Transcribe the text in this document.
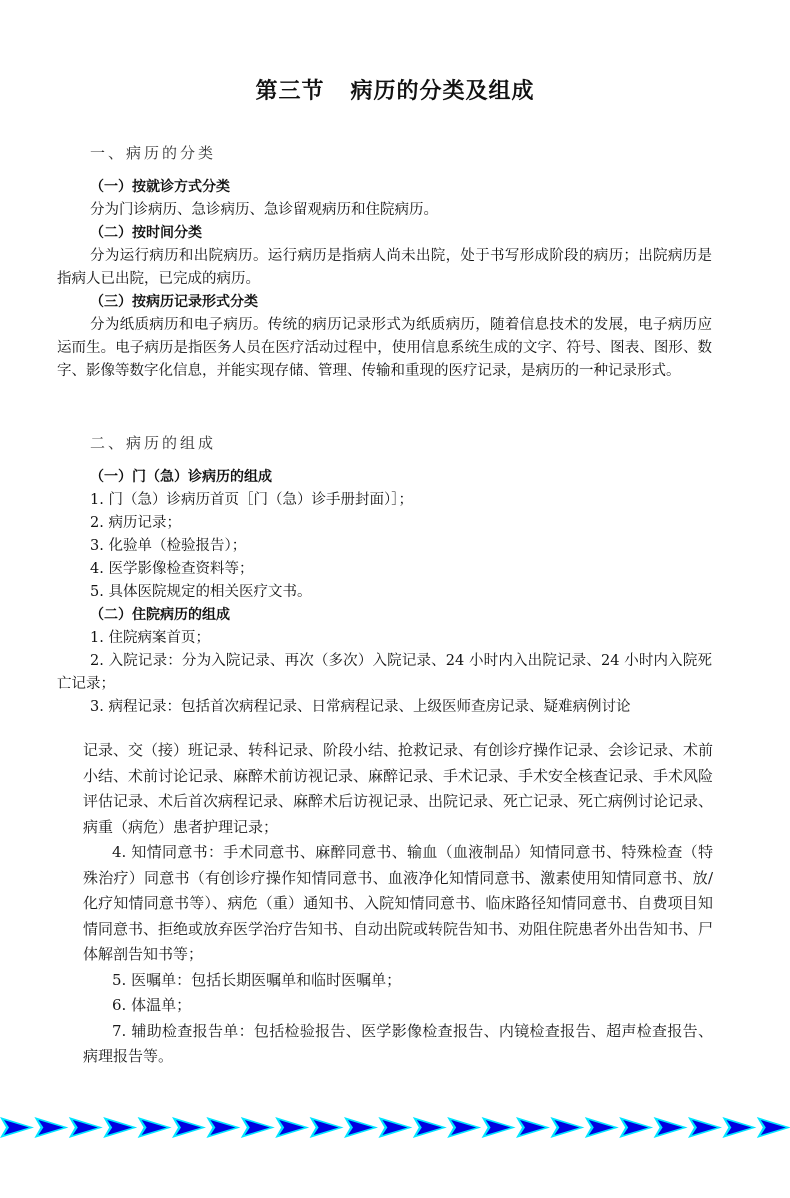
第三节 病历的分类及组成
一、病历的分类
（一）按就诊方式分类

分为门诊病历、急诊病历、急诊留观病历和住院病历。

（二）按时间分类

分为运行病历和出院病历。运行病历是指病人尚未出院，处于书写形成阶段的病历；出院病历是指病人已出院，已完成的病历。

（三）按病历记录形式分类

分为纸质病历和电子病历。传统的病历记录形式为纸质病历，随着信息技术的发展，电子病历应运而生。电子病历是指医务人员在医疗活动过程中，使用信息系统生成的文字、符号、图表、图形、数字、影像等数字化信息，并能实现存储、管理、传输和重现的医疗记录，是病历的一种记录形式。

二、病历的组成
（一）门（急）诊病历的组成

1. 门（急）诊病历首页［门（急）诊手册封面）］；

2. 病历记录；

3. 化验单（检验报告）；

4. 医学影像检查资料等；

5. 具体医院规定的相关医疗文书。

（二）住院病历的组成

1. 住院病案首页；

2. 入院记录：分为入院记录、再次（多次）入院记录、24 小时内入出院记录、24 小时内入院死亡记录；

3. 病程记录：包括首次病程记录、日常病程记录、上级医师查房记录、疑难病例讨论

记录、交（接）班记录、转科记录、阶段小结、抢救记录、有创诊疗操作记录、会诊记录、术前小结、术前讨论记录、麻醉术前访视记录、麻醉记录、手术记录、手术安全核查记录、手术风险评估记录、术后首次病程记录、麻醉术后访视记录、出院记录、死亡记录、死亡病例讨论记录、病重（病危）患者护理记录；

4. 知情同意书：手术同意书、麻醉同意书、输血（血液制品）知情同意书、特殊检查（特殊治疗）同意书（有创诊疗操作知情同意书、血液净化知情同意书、激素使用知情同意书、放/化疗知情同意书等）、病危（重）通知书、入院知情同意书、临床路径知情同意书、自费项目知情同意书、拒绝或放弃医学治疗告知书、自动出院或转院告知书、劝阻住院患者外出告知书、尸体解剖告知书等；

5. 医嘱单：包括长期医嘱单和临时医嘱单；

6. 体温单；

7. 辅助检查报告单：包括检验报告、医学影像检查报告、内镜检查报告、超声检查报告、病理报告等。
